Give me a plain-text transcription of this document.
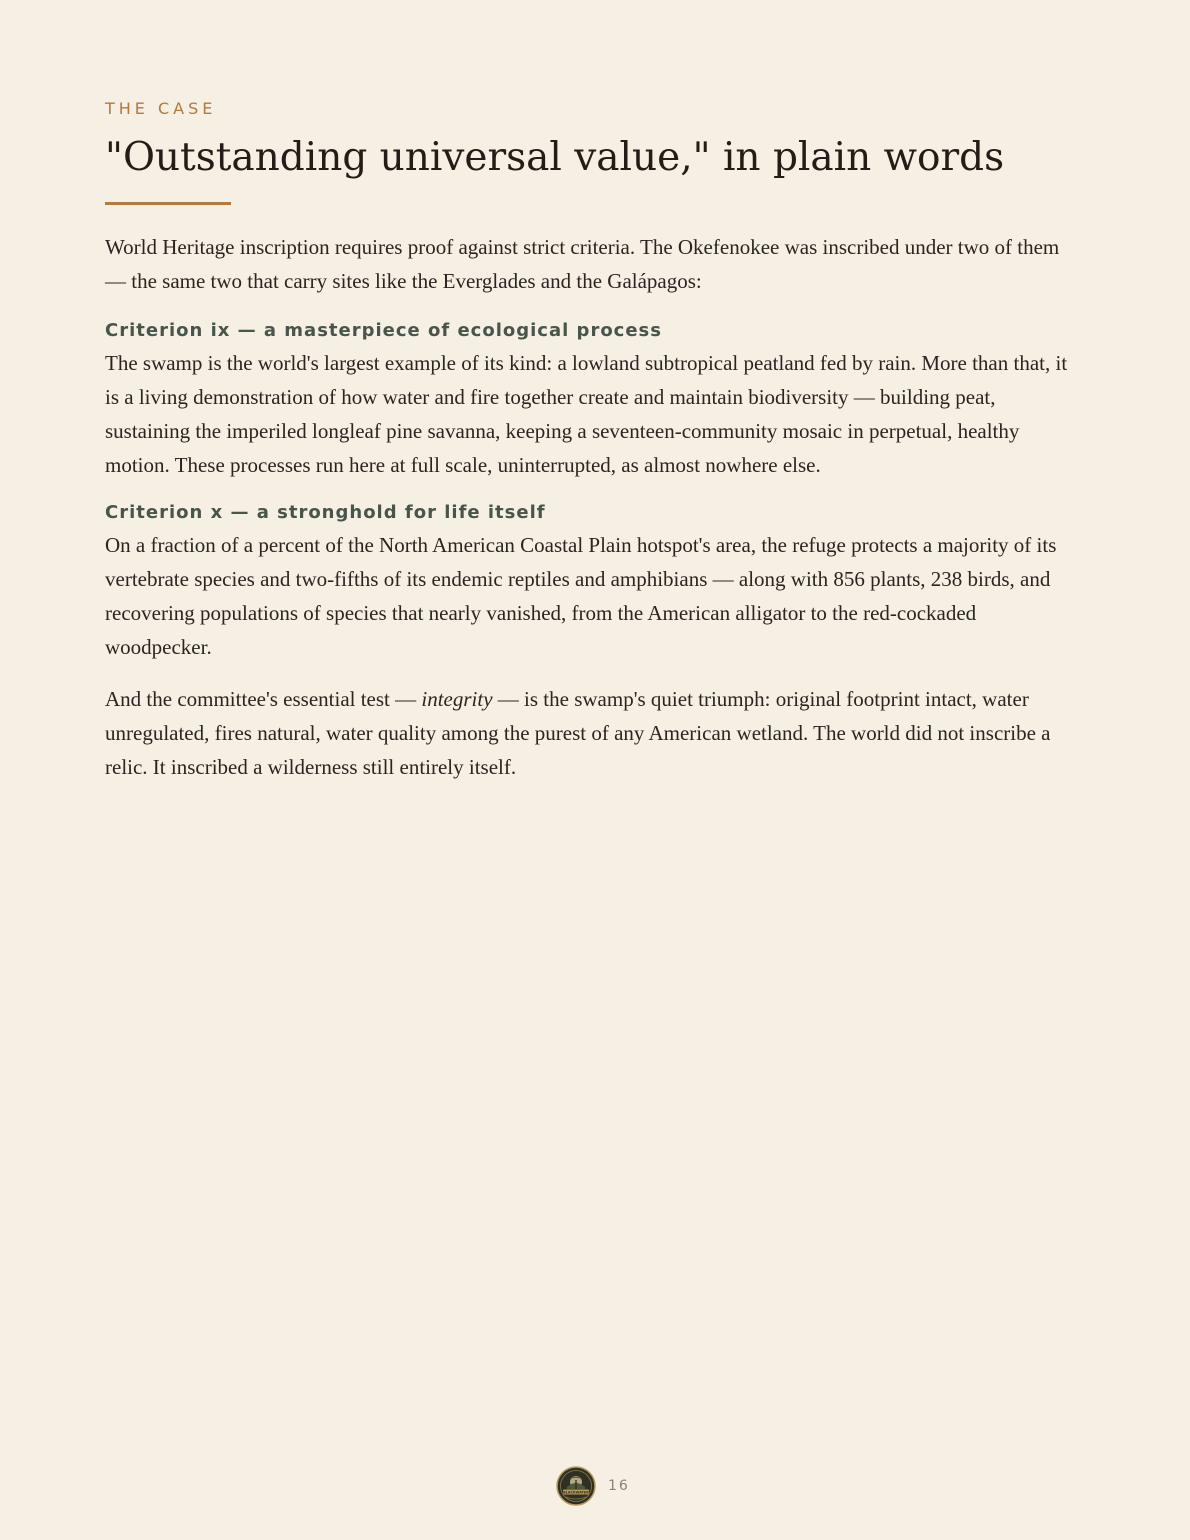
THE CASE
"Outstanding universal value," in plain words

World Heritage inscription requires proof against strict criteria. The Okefenokee was inscribed under two of them — the same two that carry sites like the Everglades and the Galápagos:

Criterion ix — a masterpiece of ecological process

The swamp is the world's largest example of its kind: a lowland subtropical peatland fed by rain. More than that, it is a living demonstration of how water and fire together create and maintain biodiversity — building peat, sustaining the imperiled longleaf pine savanna, keeping a seventeen-community mosaic in perpetual, healthy motion. These processes run here at full scale, uninterrupted, as almost nowhere else.

Criterion x — a stronghold for life itself

On a fraction of a percent of the North American Coastal Plain hotspot's area, the refuge protects a majority of its vertebrate species and two-fifths of its endemic reptiles and amphibians — along with 856 plants, 238 birds, and recovering populations of species that nearly vanished, from the American alligator to the red-cockaded woodpecker.

And the committee's essential test — integrity — is the swamp's quiet triumph: original footprint intact, water unregulated, fires natural, water quality among the purest of any American wetland. The world did not inscribe a relic. It inscribed a wilderness still entirely itself.

BLACKWATER 16
